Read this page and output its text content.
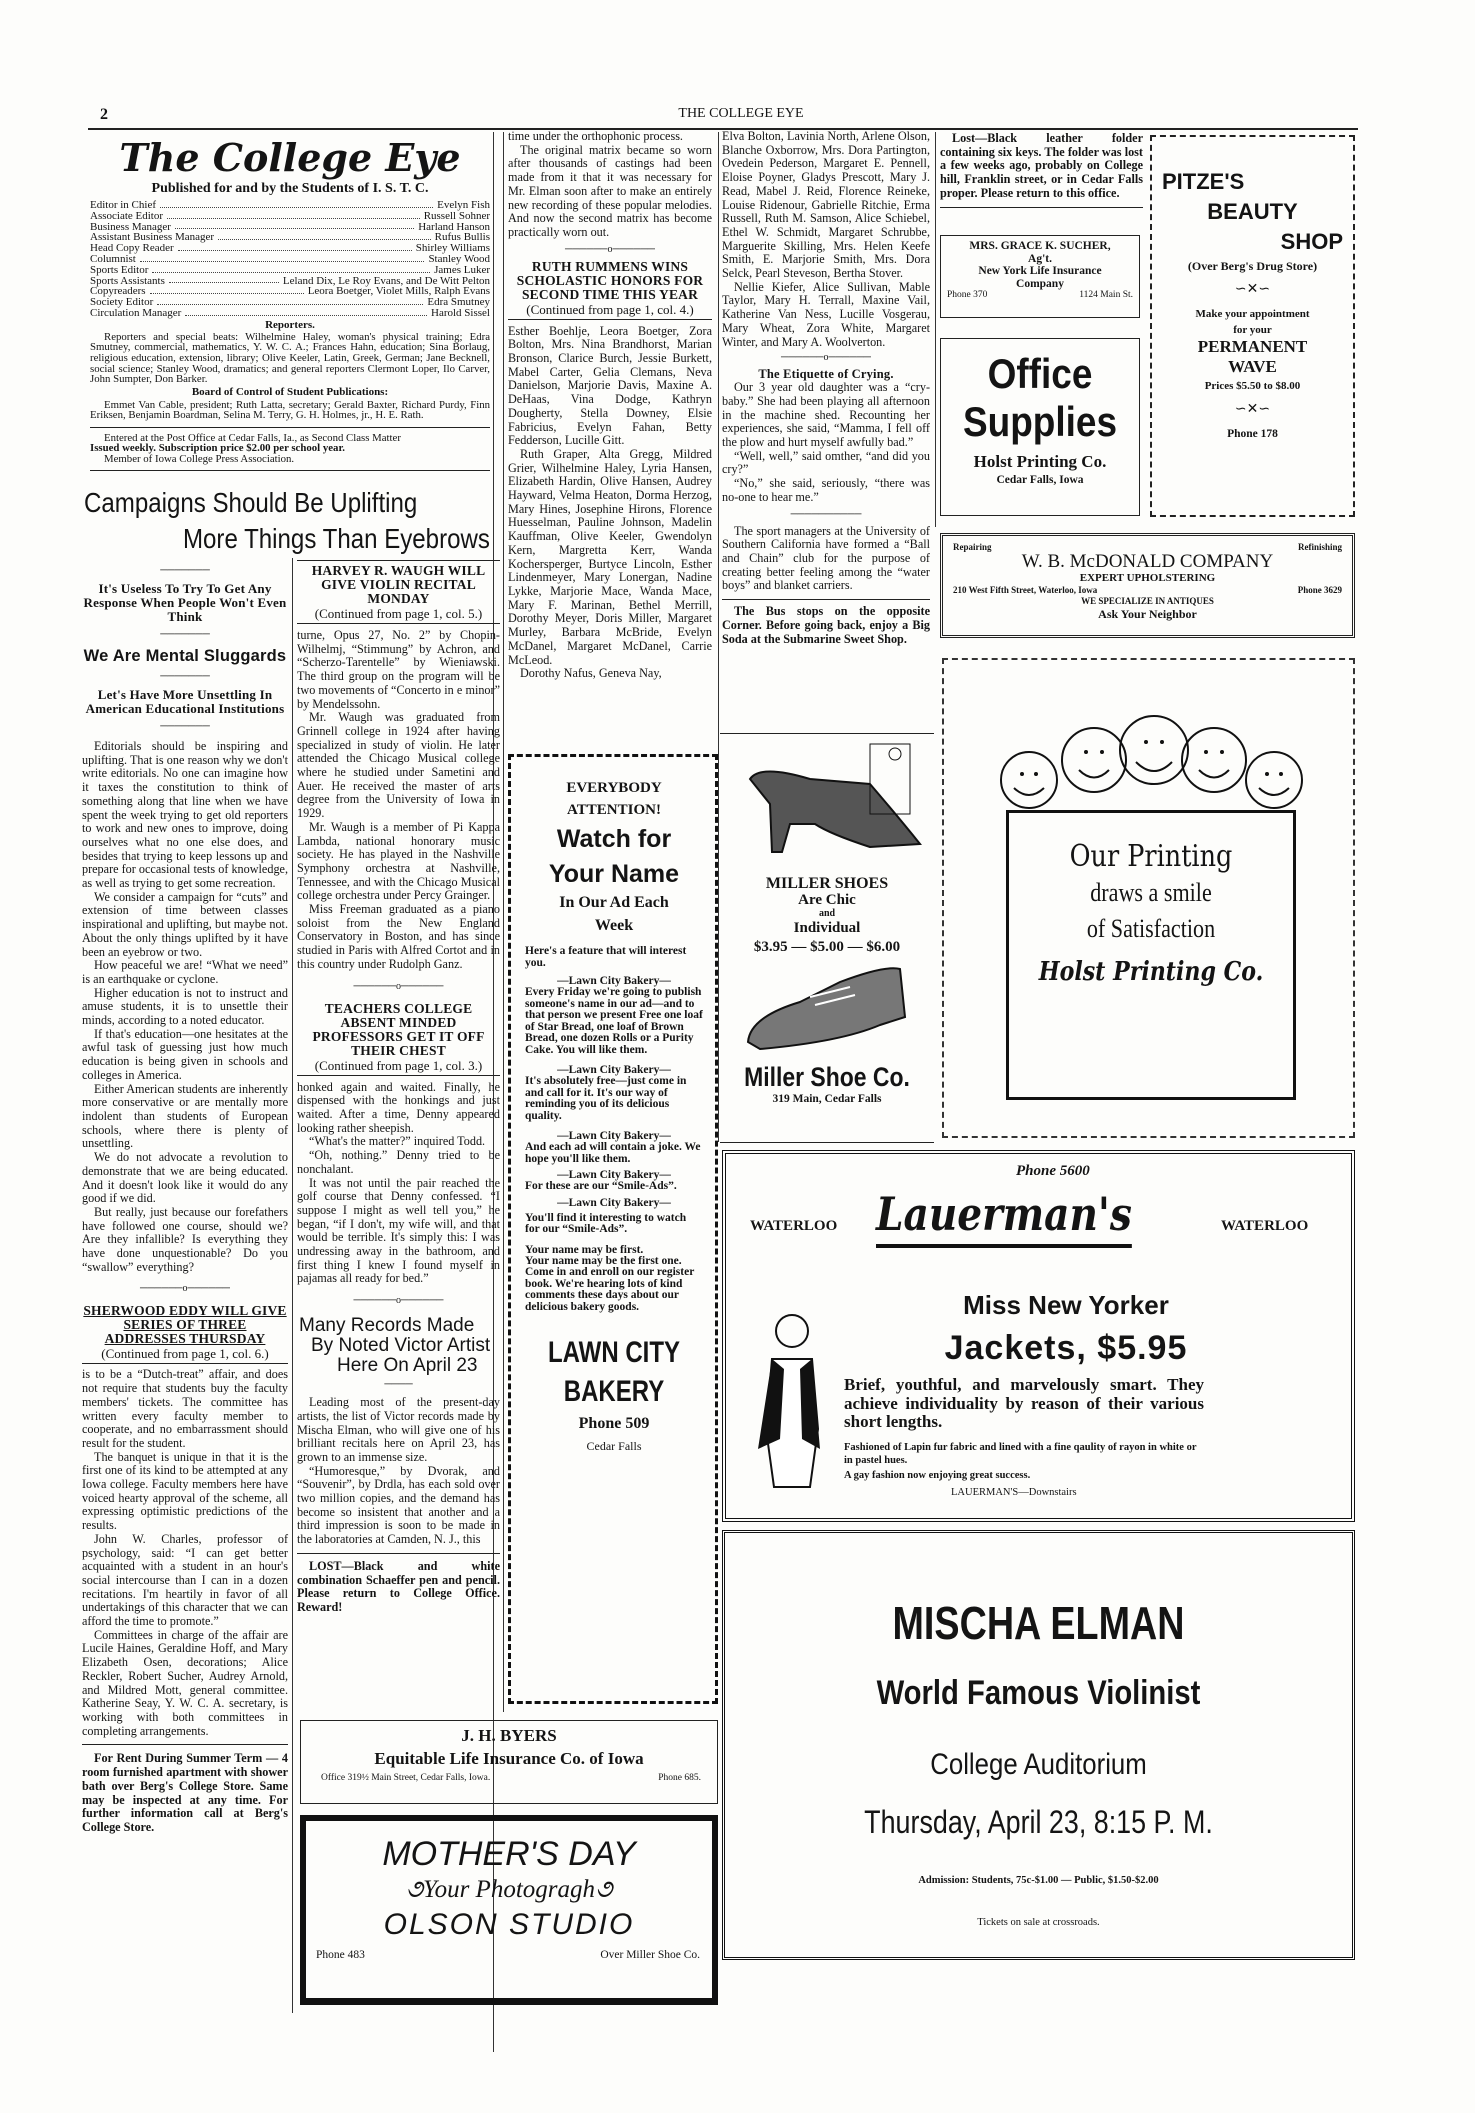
2	THE COLLEGE EYE
The College Eye
Published for and by the Students of I. S. T. C.
Editor in Chief	Evelyn Fish
Associate Editor	Russell Sohner
Business Manager	Harland Hanson
Assistant Business Manager	Rufus Bullis
Head Copy Reader	Shirley Williams
Columnist	Stanley Wood
Sports Editor	James Luker
Sports Assistants	Leland Dix, Le Roy Evans, and De Witt Pelton
Copyreaders	Leora Boetger, Violet Mills, Ralph Evans
Society Editor	Edra Smutney
Circulation Manager	Harold Sissel
Reporters.
Reporters and special beats: Wilhelmine Haley, woman's physical training; Edra Smutney, commercial, mathematics, Y. W. C. A.; Frances Hahn, education; Sina Borlaug, religious education, extension, library; Olive Keeler, Latin, Greek, German; Jane Becknell, social science; Stanley Wood, dramatics; and general reporters Clermont Loper, Ilo Carver, John Sumpter, Don Barker.
Board of Control of Student Publications:
Emmet Van Cable, president; Ruth Latta, secretary; Gerald Baxter, Richard Purdy, Finn Eriksen, Benjamin Boardman, Selina M. Terry, G. H. Holmes, jr., H. E. Rath.
Entered at the Post Office at Cedar Falls, Ia., as Second Class Matter
Issued weekly. Subscription price $2.00 per school year.
Member of Iowa College Press Association.
Campaigns Should Be Uplifting
More Things Than Eyebrows
───────
It's Useless To Try To Get Any Response When People Won't Even Think
───────
We Are Mental Sluggards
───────
Let's Have More Unsettling In American Educational Institutions
───────

Editorials should be inspiring and uplifting. That is one reason why we don't write editorials. No one can imagine how it taxes the constitution to think of something along that line when we have spent the week trying to get old reporters to work and new ones to improve, doing ourselves what no one else does, and besides that trying to keep lessons up and prepare for occasional tests of knowledge, as well as trying to get some recreation.

We consider a campaign for “cuts” and extension of time between classes inspirational and uplifting, but maybe not. About the only things uplifted by it have been an eyebrow or two.

How peaceful we are! “What we need” is an earthquake or cyclone.

Higher education is not to instruct and amuse students, it is to unsettle their minds, according to a noted educator.

If that's education—one hesitates at the awful task of guessing just how much education is being given in schools and colleges in America.

Either American students are inherently more conservative or are mentally more indolent than students of European schools, where there is plenty of unsettling.

We do not advocate a revolution to demonstrate that we are being educated. And it doesn't look like it would do any good if we did.

But really, just because our forefathers have followed one course, should we? Are they infallible? Is everything they have done unquestionable? Do you “swallow” everything?

──────o──────
SHERWOOD EDDY WILL GIVE SERIES OF THREE ADDRESSES THURSDAY
(Continued from page 1, col. 6.)

is to be a “Dutch-treat” affair, and does not require that students buy the faculty members' tickets. The committee has written every faculty member to cooperate, and no embarrassment should result for the student.

The banquet is unique in that it is the first one of its kind to be attempted at any Iowa college. Faculty members here have voiced hearty approval of the scheme, all expressing optimistic predictions of the results.

John W. Charles, professor of psychology, said: “I can get better acquainted with a student in an hour's social intercourse than I can in a dozen recitations. I'm heartily in favor of all undertakings of this character that we can afford the time to promote.”

Committees in charge of the affair are Lucile Haines, Geraldine Hoff, and Mary Elizabeth Osen, decorations; Alice Reckler, Robert Sucher, Audrey Arnold, and Mildred Mott, general committee. Katherine Seay, Y. W. C. A. secretary, is working with both committees in completing arrangements.

For Rent During Summer Term — 4 room furnished apartment with shower bath over Berg's College Store. Same may be inspected at any time. For further information call at Berg's College Store.

HARVEY R. WAUGH WILL GIVE VIOLIN RECITAL MONDAY
(Continued from page 1, col. 5.)

turne, Opus 27, No. 2” by Chopin-Wilhelmj, “Stimmung” by Achron, and “Scherzo-Tarentelle” by Wieniawski. The third group on the program will be two movements of “Concerto in e minor” by Mendelssohn.

Mr. Waugh was graduated from Grinnell college in 1924 after having specialized in study of violin. He later attended the Chicago Musical college where he studied under Sametini and Auer. He received the master of arts degree from the University of Iowa in 1929.

Mr. Waugh is a member of Pi Kappa Lambda, national honorary music society. He has played in the Nashville Symphony orchestra at Nashville, Tennessee, and with the Chicago Musical college orchestra under Percy Grainger.

Miss Freeman graduated as a piano soloist from the New England Conservatory in Boston, and has since studied in Paris with Alfred Cortot and in this country under Rudolph Ganz.

──────o──────
TEACHERS COLLEGE ABSENT MINDED PROFESSORS GET IT OFF THEIR CHEST
(Continued from page 1, col. 3.)

honked again and waited. Finally, he dispensed with the honkings and just waited. After a time, Denny appeared looking rather sheepish.

“What's the matter?” inquired Todd.

“Oh, nothing.” Denny tried to be nonchalant.

It was not until the pair reached the golf course that Denny confessed. “I suppose I might as well tell you,” he began, “if I don't, my wife will, and that would be terrible. It's simply this: I was undressing away in the bathroom, and first thing I knew I found myself in pajamas all ready for bed.”

──────o──────
Many Records Made
By Noted Victor Artist
Here On April 23
────

Leading most of the present-day artists, the list of Victor records made by Mischa Elman, who will give one of his brilliant recitals here on April 23, has grown to an immense size.

“Humoresque,” by Dvorak, and “Souvenir”, by Drdla, has each sold over two million copies, and the demand has become so insistent that another and a third impression is soon to be made in the laboratories at Camden, N. J., this

LOST—Black and white combination Schaeffer pen and pencil. Please return to College Office. Reward!

time under the orthophonic process.

The original matrix became so worn after thousands of castings had been made from it that it was necessary for Mr. Elman soon after to make an entirely new recording of these popular melodies. And now the second matrix has become practically worn out.

──────o──────
RUTH RUMMENS WINS SCHOLASTIC HONORS FOR SECOND TIME THIS YEAR
(Continued from page 1, col. 4.)

Esther Boehlje, Leora Boetger, Zora Bolton, Mrs. Nina Brandhorst, Marian Bronson, Clarice Burch, Jessie Burkett, Mabel Carter, Gelia Clemans, Neva Danielson, Marjorie Davis, Maxine A. DeHaas, Vina Dodge, Kathryn Dougherty, Stella Downey, Elsie Fabricius, Evelyn Fahan, Betty Fedderson, Lucille Gitt.

Ruth Graper, Alta Gregg, Mildred Grier, Wilhelmine Haley, Lyria Hansen, Elizabeth Hardin, Olive Hansen, Audrey Hayward, Velma Heaton, Dorma Herzog, Mary Hines, Josephine Hirons, Florence Huesselman, Pauline Johnson, Madelin Kauffman, Olive Keeler, Gwendolyn Kern, Margretta Kerr, Wanda Kochersperger, Burtyce Lincoln, Esther Lindenmeyer, Mary Lonergan, Nadine Lykke, Marjorie Mace, Wanda Mace, Mary F. Marinan, Bethel Merrill, Dorothy Meyer, Doris Miller, Margaret Murley, Barbara McBride, Evelyn McDanel, Margaret McDanel, Carrie McLeod.

Dorothy Nafus, Geneva Nay,

EVERYBODY
ATTENTION!
Watch for
Your Name
In Our Ad Each
Week

Here's a feature that will interest you.

—Lawn City Bakery—

Every Friday we're going to publish someone's name in our ad—and to that person we present Free one loaf of Star Bread, one loaf of Brown Bread, one dozen Rolls or a Purity Cake. You will like them.

—Lawn City Bakery—

It's absolutely free—just come in and call for it. It's our way of reminding you of its delicious quality.

—Lawn City Bakery—

And each ad will contain a joke. We hope you'll like them.

—Lawn City Bakery—

For these are our “Smile-Ads”.

—Lawn City Bakery—

You'll find it interesting to watch for our “Smile-Ads”.

Your name may be first.

Your name may be the first one. Come in and enroll on our register book. We're hearing lots of kind comments these days about our delicious bakery goods.

LAWN CITY
BAKERY
Phone 509
Cedar Falls
J. H. BYERS
Equitable Life Insurance Co. of Iowa
Office 319½ Main Street, Cedar Falls, Iowa.	Phone 685.
MOTHER'S DAY
૭Your Photogragh૭
OLSON STUDIO
Phone 483	Over Miller Shoe Co.

Elva Bolton, Lavinia North, Arlene Olson, Blanche Oxborrow, Mrs. Dora Partington, Ovedein Pederson, Margaret E. Pennell, Eloise Poyner, Gladys Prescott, Mary J. Read, Mabel J. Reid, Florence Reineke, Louise Ridenour, Gabrielle Ritchie, Erma Russell, Ruth M. Samson, Alice Schiebel, Ethel W. Schmidt, Margaret Schrubbe, Marguerite Skilling, Mrs. Helen Keefe Smith, E. Marjorie Smith, Mrs. Dora Selck, Pearl Steveson, Bertha Stover.

Nellie Kiefer, Alice Sullivan, Mable Taylor, Mary H. Terrall, Maxine Vail, Katherine Van Ness, Lucille Vosgerau, Mary Wheat, Zora White, Margaret Winter, and Mary A. Woolverton.

──────o──────
The Etiquette of Crying.

Our 3 year old daughter was a “cry-baby.” She had been playing all afternoon in the machine shed. Recounting her experiences, she said, “Mamma, I fell off the plow and hurt myself awfully bad.”

“Well, well,” said omther, “and did you cry?”

“No,” she said, seriously, “there was no-one to hear me.”

──────────

The sport managers at the University of Southern California have formed a “Ball and Chain” club for the purpose of creating better feeling among the “water boys” and blanket carriers.

The Bus stops on the opposite Corner. Before going back, enjoy a Big Soda at the Submarine Sweet Shop.

MILLER SHOES
Are Chic
and
Individual
$3.95 — $5.00 — $6.00
Miller Shoe Co.
319 Main, Cedar Falls

Lost—Black leather folder containing six keys. The folder was lost a few weeks ago, probably on College hill, Franklin street, or in Cedar Falls proper. Please return to this office.

MRS. GRACE K. SUCHER,
Ag't.
New York Life Insurance Company
Phone 370	1124 Main St.
Office
Supplies
Holst Printing Co.
Cedar Falls, Iowa
PITZE'S
BEAUTY
SHOP
(Over Berg's Drug Store)
∽✕∽
Make your appointment
for your
PERMANENT
WAVE
Prices $5.50 to $8.00
∽✕∽
Phone 178
Repairing	Refinishing
W. B. McDONALD COMPANY
EXPERT UPHOLSTERING
210 West Fifth Street, Waterloo, Iowa	Phone 3629
WE SPECIALIZE IN ANTIQUES
Ask Your Neighbor
Our Printing
draws a smile
of Satisfaction
Holst Printing Co.
Phone 5600
WATERLOO Lauerman's	WATERLOO
Miss New Yorker
Jackets, $5.95
Brief, youthful, and marvelously smart. They achieve individuality by reason of their various short lengths.
Fashioned of Lapin fur fabric and lined with a fine qaulity of rayon in white or in pastel hues.
A gay fashion now enjoying great success.
LAUERMAN'S—Downstairs
MISCHA ELMAN
World Famous Violinist
College Auditorium
Thursday, April 23, 8:15 P. M.
Admission: Students, 75c-$1.00 — Public, $1.50-$2.00
Tickets on sale at crossroads.
